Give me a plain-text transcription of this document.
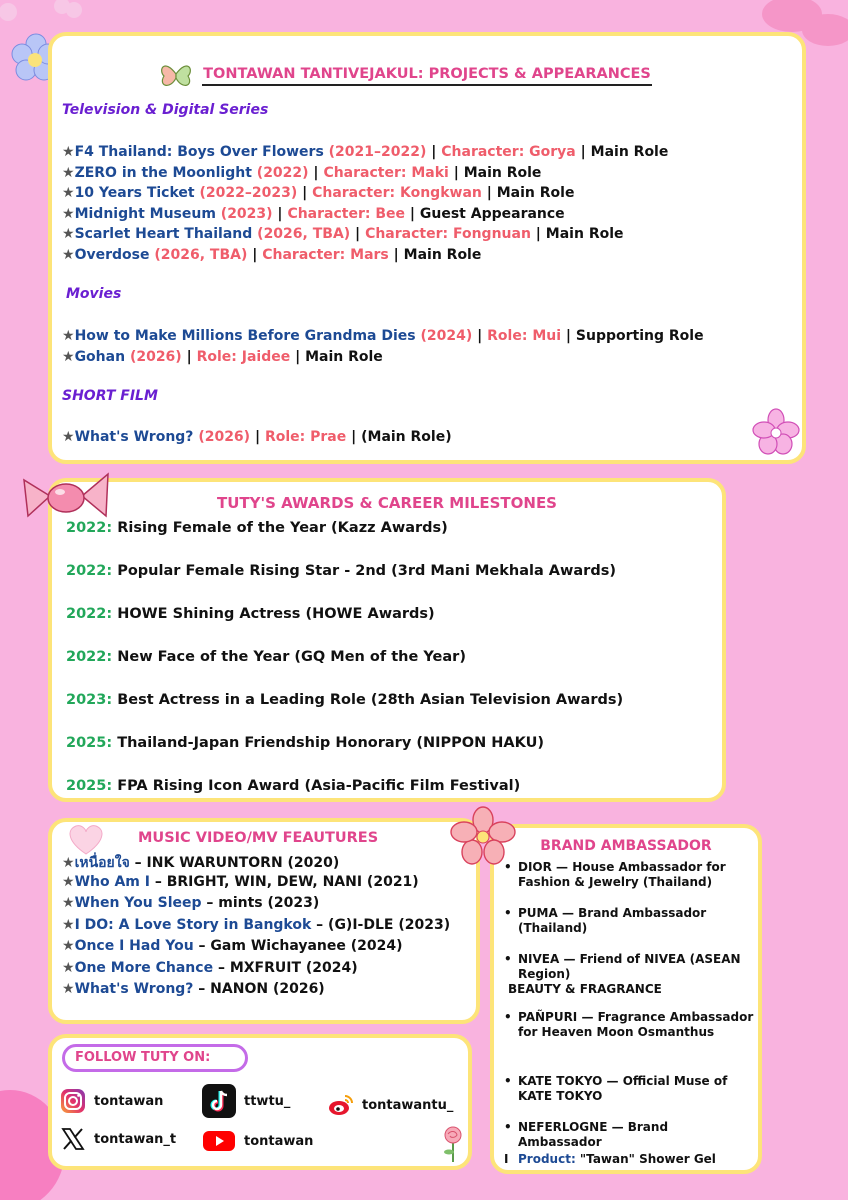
TONTAWAN TANTIVEJAKUL: PROJECTS & APPEARANCES
Television & Digital Series
★F4 Thailand: Boys Over Flowers (2021–2022) | Character: Gorya | Main Role
★ZERO in the Moonlight (2022) | Character: Maki | Main Role
★10 Years Ticket (2022–2023) | Character: Kongkwan | Main Role
★Midnight Museum (2023) | Character: Bee | Guest Appearance
★Scarlet Heart Thailand (2026, TBA) | Character: Fongnuan | Main Role
★Overdose (2026, TBA) | Character: Mars | Main Role
Movies
★How to Make Millions Before Grandma Dies (2024) | Role: Mui | Supporting Role
★Gohan (2026) | Role: Jaidee | Main Role
SHORT FILM
★What's Wrong? (2026) | Role: Prae | (Main Role)
TUTY'S AWARDS & CAREER MILESTONES
2022: Rising Female of the Year (Kazz Awards)
2022: Popular Female Rising Star - 2nd (3rd Mani Mekhala Awards)
2022: HOWE Shining Actress (HOWE Awards)
2022: New Face of the Year (GQ Men of the Year)
2023: Best Actress in a Leading Role (28th Asian Television Awards)
2025: Thailand-Japan Friendship Honorary (NIPPON HAKU)
2025: FPA Rising Icon Award (Asia-Pacific Film Festival)
MUSIC VIDEO/MV FEAUTURES
★เหนื่อยใจ – INK WARUNTORN (2020)
★Who Am I – BRIGHT, WIN, DEW, NANI (2021)
★When You Sleep – mints (2023)
★I DO: A Love Story in Bangkok – (G)I-DLE (2023)
★Once I Had You – Gam Wichayanee (2024)
★One More Chance – MXFRUIT (2024)
★What's Wrong? – NANON (2026)
BRAND AMBASSADOR
• DIOR — House Ambassador for Fashion & Jewelry (Thailand)
• PUMA — Brand Ambassador (Thailand)
• NIVEA — Friend of NIVEA (ASEAN Region)
• PAÑPURI — Fragrance Ambassador for Heaven Moon Osmanthus
• KATE TOKYO — Official Muse of KATE TOKYO
• NEFERLOGNE — Brand Ambassador
BEAUTY & FRAGRANCE
I Product: "Tawan" Shower Gel
FOLLOW TUTY ON:
tontawan	ttwtu_	tontawantu_
tontawan_t	tontawan
